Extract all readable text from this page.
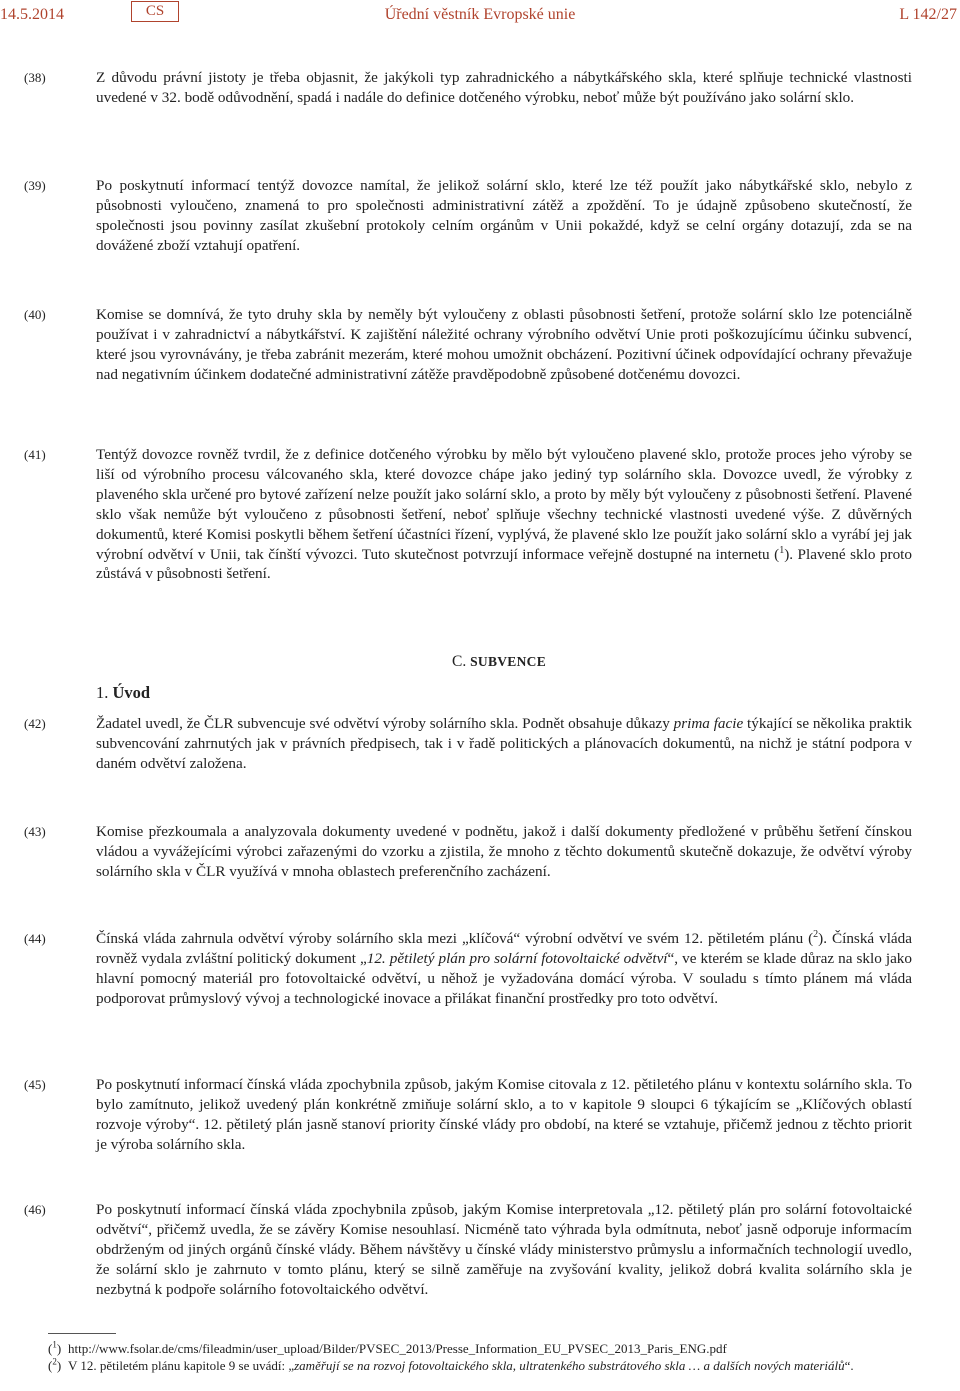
14.5.2014	CS	Úřední věstník Evropské unie	L 142/27
(38)	Z důvodu právní jistoty je třeba objasnit, že jakýkoli typ zahradnického a nábytkářského skla, které splňuje technické vlastnosti uvedené v 32. bodě odůvodnění, spadá i nadále do definice dotčeného výrobku, neboť může být používáno jako solární sklo.
(39)	Po poskytnutí informací tentýž dovozce namítal, že jelikož solární sklo, které lze též použít jako nábytkářské sklo, nebylo z působnosti vyloučeno, znamená to pro společnosti administrativní zátěž a zpoždění. To je údajně způsobeno skutečností, že společnosti jsou povinny zasílat zkušební protokoly celním orgánům v Unii pokaždé, když se celní orgány dotazují, zda se na dovážené zboží vztahují opatření.
(40)	Komise se domnívá, že tyto druhy skla by neměly být vyloučeny z oblasti působnosti šetření, protože solární sklo lze potenciálně používat i v zahradnictví a nábytkářství. K zajištění náležité ochrany výrobního odvětví Unie proti poškozujícímu účinku subvencí, které jsou vyrovnávány, je třeba zabránit mezerám, které mohou umožnit obcházení. Pozitivní účinek odpovídající ochrany převažuje nad negativním účinkem dodatečné administrativní zátěže pravděpodobně způsobené dotčenému dovozci.
(41)	Tentýž dovozce rovněž tvrdil, že z definice dotčeného výrobku by mělo být vyloučeno plavené sklo, protože proces jeho výroby se liší od výrobního procesu válcovaného skla, které dovozce chápe jako jediný typ solárního skla. Dovozce uvedl, že výrobky z plaveného skla určené pro bytové zařízení nelze použít jako solární sklo, a proto by měly být vyloučeny z působnosti šetření. Plavené sklo však nemůže být vyloučeno z působnosti šetření, neboť splňuje všechny technické vlastnosti uvedené výše. Z důvěrných dokumentů, které Komisi poskytli během šetření účastníci řízení, vyplývá, že plavené sklo lze použít jako solární sklo a vyrábí jej jak výrobní odvětví v Unii, tak čínští vývozci. Tuto skutečnost potvrzují informace veřejně dostupné na internetu ($^1$). Plavené sklo proto zůstává v působnosti šetření.
C. SUBVENCE
1. Úvod
(42)	Žadatel uvedl, že ČLR subvencuje své odvětví výroby solárního skla. Podnět obsahuje důkazy prima facie týkající se několika praktik subvencování zahrnutých jak v právních předpisech, tak i v řadě politických a plánovacích dokumentů, na nichž je státní podpora v daném odvětví založena.
(43)	Komise přezkoumala a analyzovala dokumenty uvedené v podnětu, jakož i další dokumenty předložené v průběhu šetření čínskou vládou a vyvážejícími výrobci zařazenými do vzorku a zjistila, že mnoho z těchto dokumentů skutečně dokazuje, že odvětví výroby solárního skla v ČLR využívá v mnoha oblastech preferenčního zacházení.
(44)	Čínská vláda zahrnula odvětví výroby solárního skla mezi „klíčová“ výrobní odvětví ve svém 12. pětiletém plánu ($^2$). Čínská vláda rovněž vydala zvláštní politický dokument „12. pětiletý plán pro solární fotovoltaické odvětví“, ve kterém se klade důraz na sklo jako hlavní pomocný materiál pro fotovoltaické odvětví, u něhož je vyžadována domácí výroba. V souladu s tímto plánem má vláda podporovat průmyslový vývoj a technologické inovace a přilákat finanční prostředky pro toto odvětví.
(45)	Po poskytnutí informací čínská vláda zpochybnila způsob, jakým Komise citovala z 12. pětiletého plánu v kontextu solárního skla. To bylo zamítnuto, jelikož uvedený plán konkrétně zmiňuje solární sklo, a to v kapitole 9 sloupci 6 týkajícím se „Klíčových oblastí rozvoje výroby“. 12. pětiletý plán jasně stanoví priority čínské vlády pro období, na které se vztahuje, přičemž jednou z těchto priorit je výroba solárního skla.
(46)	Po poskytnutí informací čínská vláda zpochybnila způsob, jakým Komise interpretovala „12. pětiletý plán pro solární fotovoltaické odvětví“, přičemž uvedla, že se závěry Komise nesouhlasí. Nicméně tato výhrada byla odmítnuta, neboť jasně odporuje informacím obdrženým od jiných orgánů čínské vlády. Během návštěvy u čínské vlády ministerstvo průmyslu a informačních technologií uvedlo, že solární sklo je zahrnuto v tomto plánu, který se silně zaměřuje na zvyšování kvality, jelikož dobrá kvalita solárního skla je nezbytná k podpoře solárního fotovoltaického odvětví.
($^1$) http://www.fsolar.de/cms/fileadmin/user_upload/Bilder/PVSEC_2013/Presse_Information_EU_PVSEC_2013_Paris_ENG.pdf
($^2$) V 12. pětiletém plánu kapitole 9 se uvádí: „zaměřují se na rozvoj fotovoltaického skla, ultratenkého substrátového skla … a dalších nových materiálů“.
